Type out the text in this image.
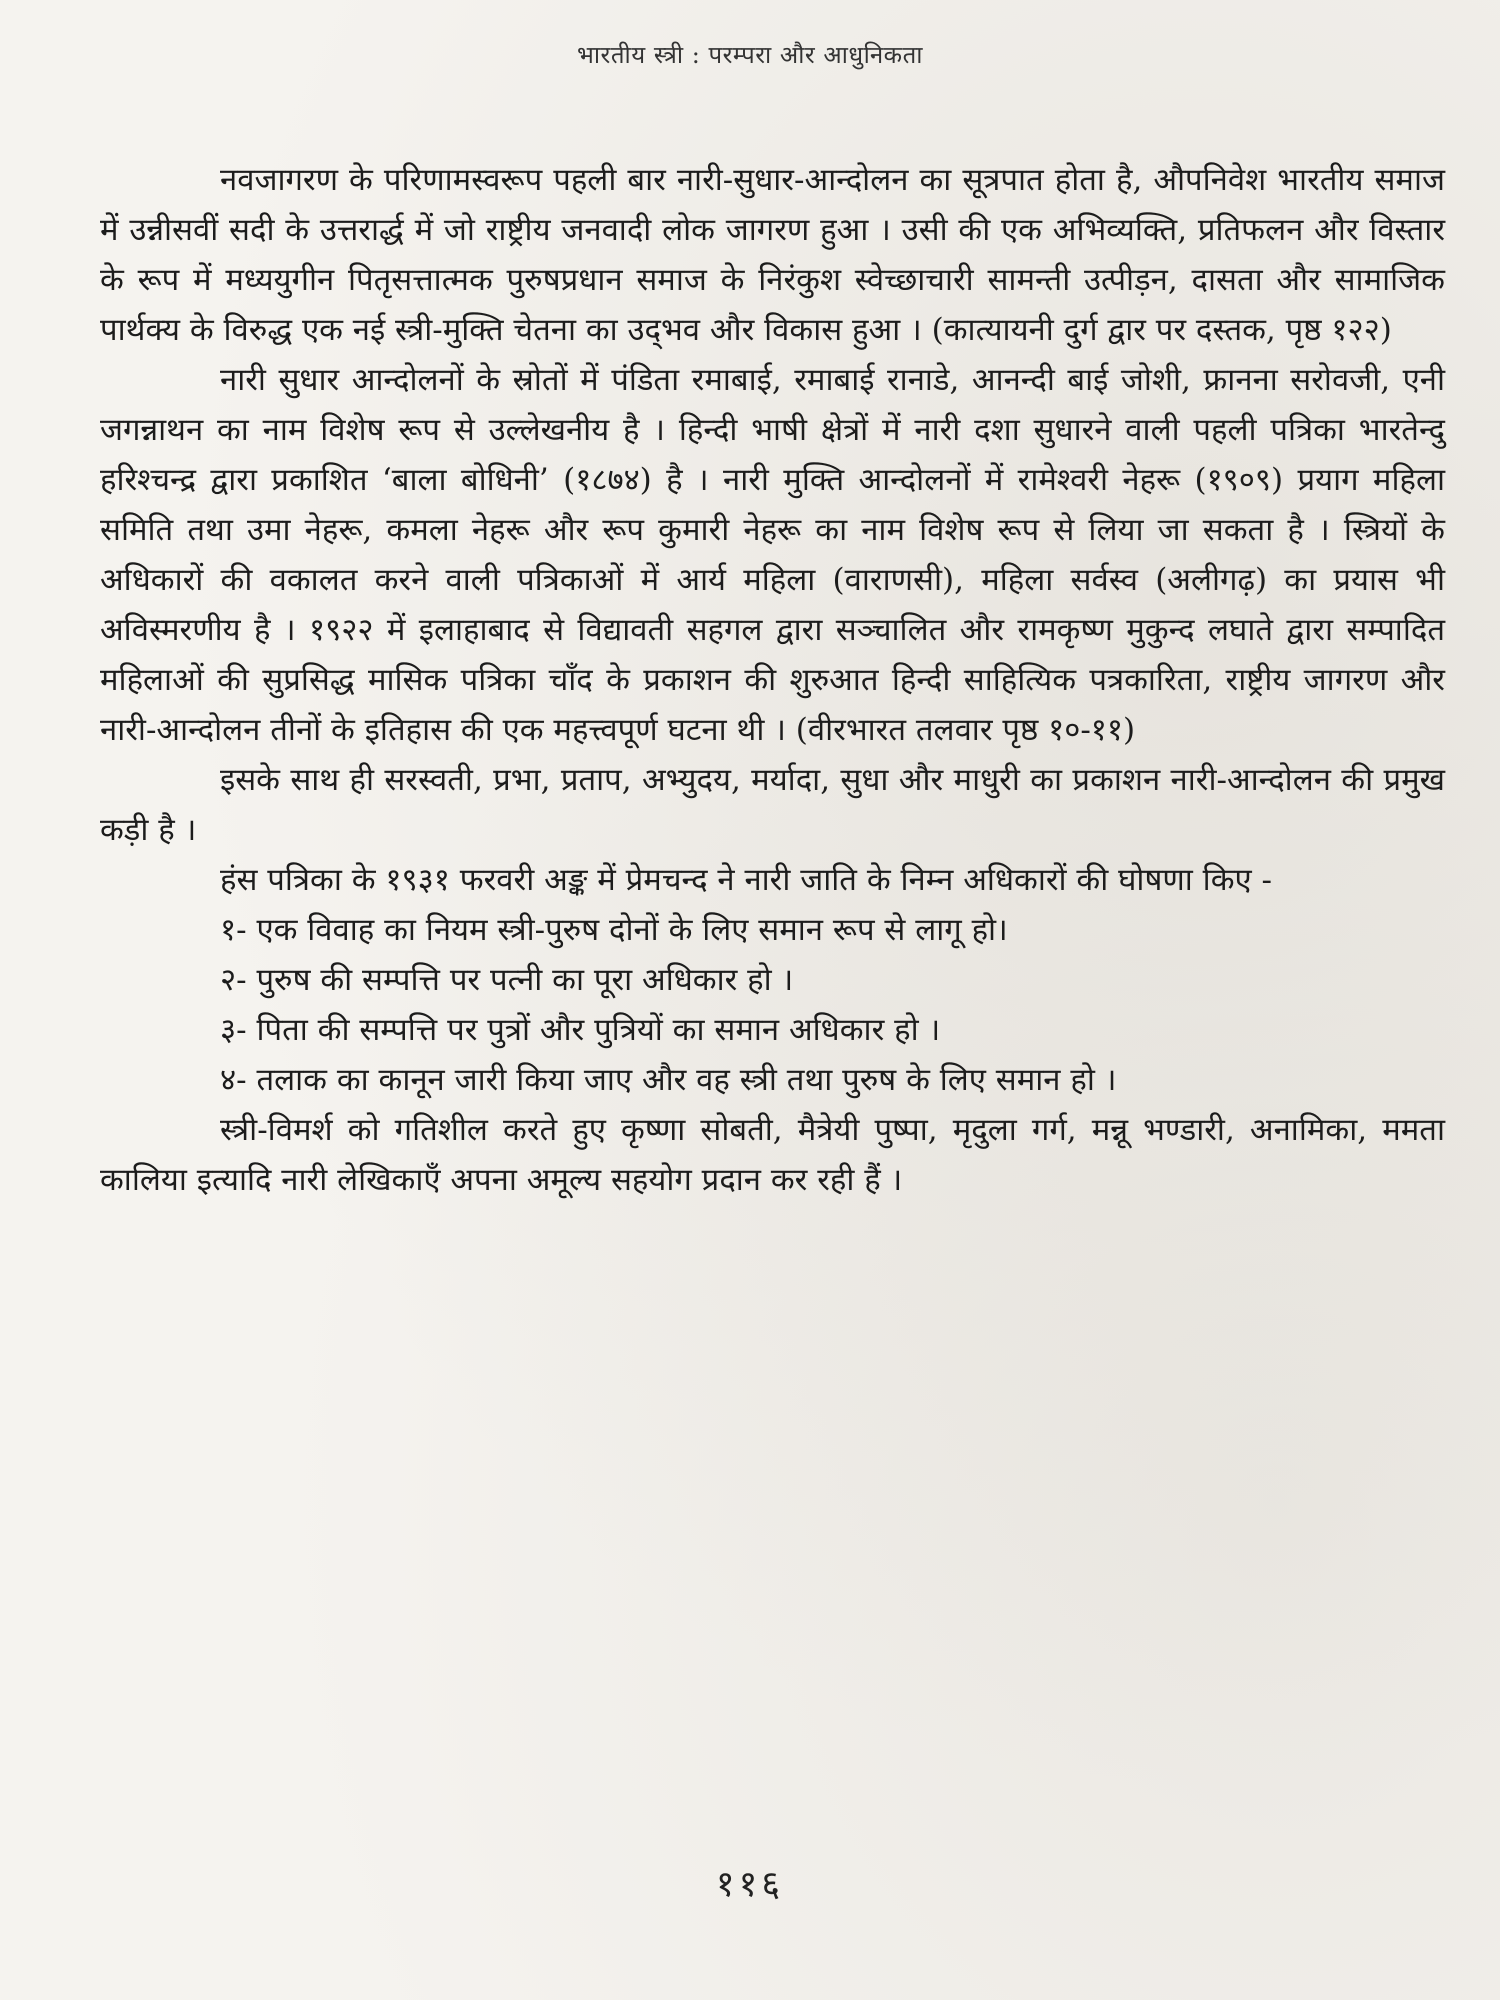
भारतीय स्त्री : परम्परा और आधुनिकता

नवजागरण के परिणामस्वरूप पहली बार नारी-सुधार-आन्दोलन का सूत्रपात होता है, औपनिवेश भारतीय समाज में उन्नीसवीं सदी के उत्तरार्द्ध में जो राष्ट्रीय जनवादी लोक जागरण हुआ । उसी की एक अभिव्यक्ति, प्रतिफलन और विस्तार के रूप में मध्ययुगीन पितृसत्तात्मक पुरुषप्रधान समाज के निरंकुश स्वेच्छाचारी सामन्ती उत्पीड़न, दासता और सामाजिक पार्थक्य के विरुद्ध एक नई स्त्री-मुक्ति चेतना का उद्‌भव और विकास हुआ । (कात्यायनी दुर्ग द्वार पर दस्तक, पृष्ठ १२२)

नारी सुधार आन्दोलनों के स्रोतों में पंडिता रमाबाई, रमाबाई रानाडे, आनन्दी बाई जोशी, फ्रानना सरोवजी, एनी जगन्नाथन का नाम विशेष रूप से उल्लेखनीय है । हिन्दी भाषी क्षेत्रों में नारी दशा सुधारने वाली पहली पत्रिका भारतेन्दु हरिश्चन्द्र द्वारा प्रकाशित ‘बाला बोधिनी’ (१८७४) है । नारी मुक्ति आन्दोलनों में रामेश्वरी नेहरू (१९०९) प्रयाग महिला समिति तथा उमा नेहरू, कमला नेहरू और रूप कुमारी नेहरू का नाम विशेष रूप से लिया जा सकता है । स्त्रियों के अधिकारों की वकालत करने वाली पत्रिकाओं में आर्य महिला (वाराणसी), महिला सर्वस्व (अलीगढ़) का प्रयास भी अविस्मरणीय है । १९२२ में इलाहाबाद से विद्यावती सहगल द्वारा सञ्चालित और रामकृष्ण मुकुन्द लघाते द्वारा सम्पादित महिलाओं की सुप्रसिद्ध मासिक पत्रिका चाँद के प्रकाशन की शुरुआत हिन्दी साहित्यिक पत्रकारिता, राष्ट्रीय जागरण और नारी-आन्दोलन तीनों के इतिहास की एक महत्त्वपूर्ण घटना थी । (वीरभारत तलवार पृष्ठ १०-११)

इसके साथ ही सरस्वती, प्रभा, प्रताप, अभ्युदय, मर्यादा, सुधा और माधुरी का प्रकाशन नारी-आन्दोलन की प्रमुख कड़ी है ।

हंस पत्रिका के १९३१ फरवरी अङ्क में प्रेमचन्द ने नारी जाति के निम्न अधिकारों की घोषणा किए -

१- एक विवाह का नियम स्त्री-पुरुष दोनों के लिए समान रूप से लागू हो।

२- पुरुष की सम्पत्ति पर पत्नी का पूरा अधिकार हो ।

३- पिता की सम्पत्ति पर पुत्रों और पुत्रियों का समान अधिकार हो ।

४- तलाक का कानून जारी किया जाए और वह स्त्री तथा पुरुष के लिए समान हो ।

स्त्री-विमर्श को गतिशील करते हुए कृष्णा सोबती, मैत्रेयी पुष्पा, मृदुला गर्ग, मन्नू भण्डारी, अनामिका, ममता कालिया इत्यादि नारी लेखिकाएँ अपना अमूल्य सहयोग प्रदान कर रही हैं ।

११६
